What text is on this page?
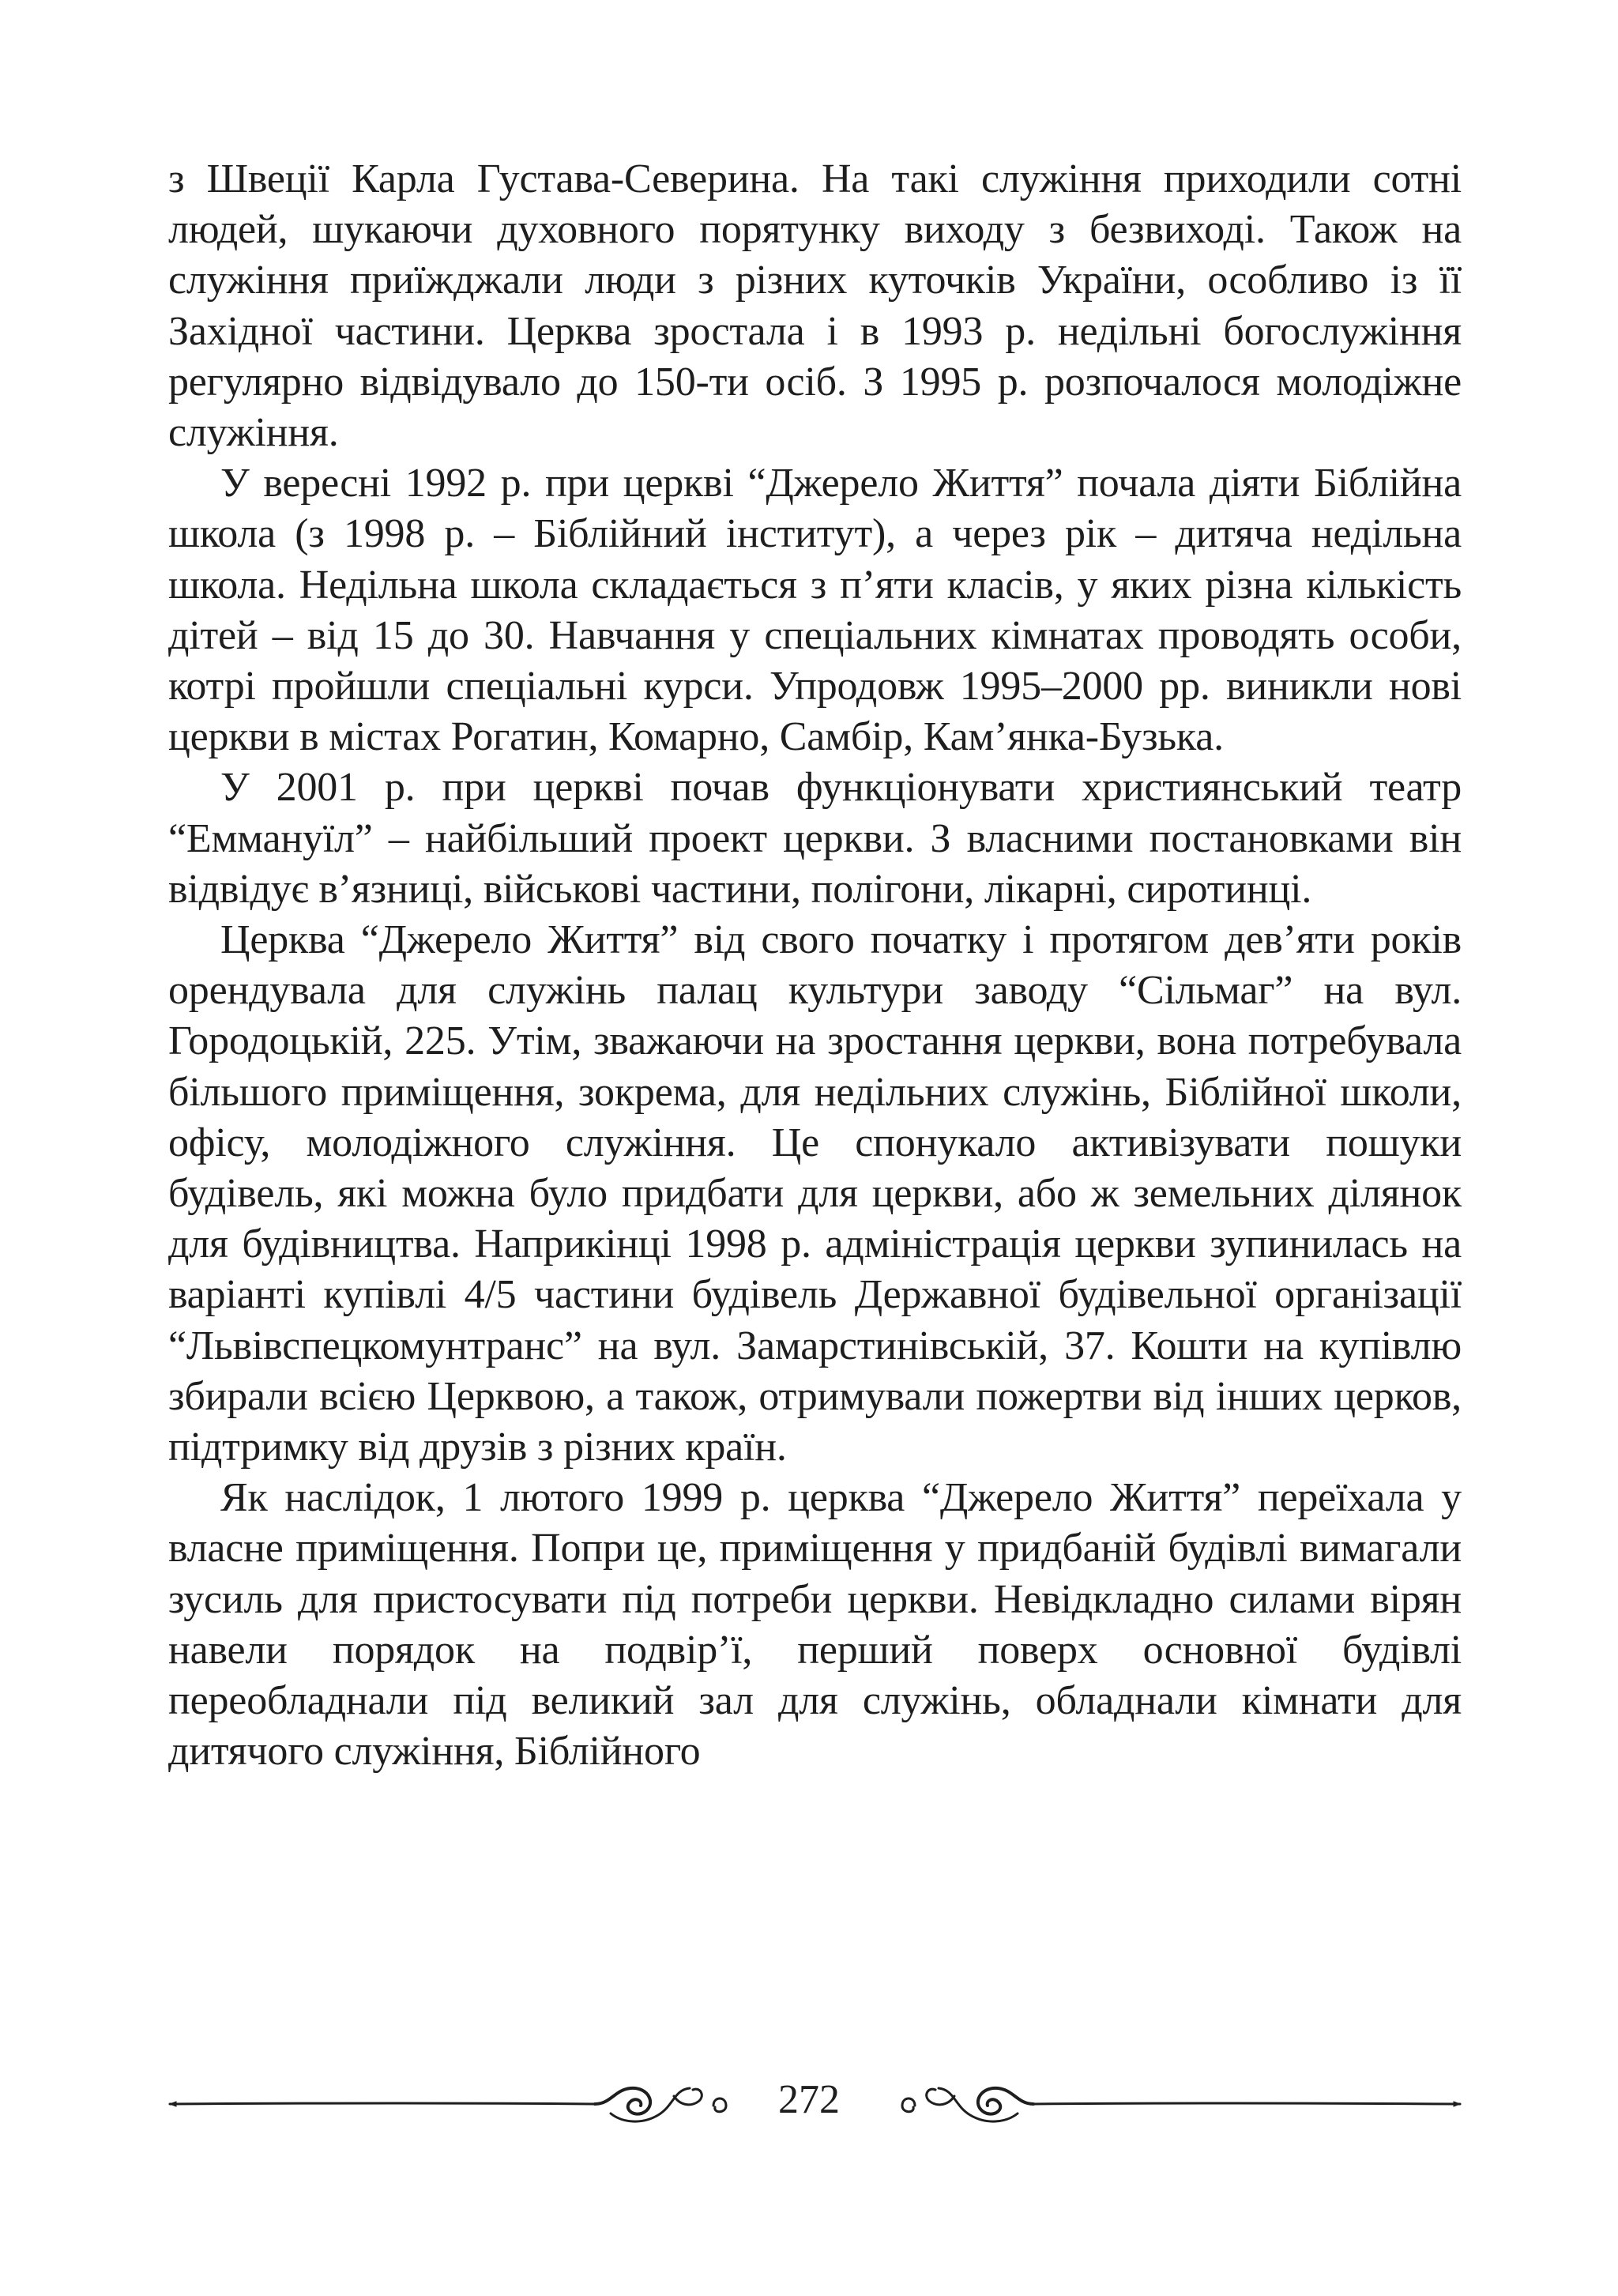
з Швеції Карла Густава-Северина. На такі служіння приходили сотні людей, шукаючи духовного порятунку виходу з безвиході. Також на служіння приїжджали люди з різних куточків України, особливо із її Західної частини. Церква зростала і в 1993 р. недільні богослужіння регулярно відвідувало до 150-ти осіб. З 1995 р. розпочалося молодіжне служіння.

У вересні 1992 р. при церкві “Джерело Життя” почала діяти Біблійна школа (з 1998 р. – Біблійний інститут), а через рік – дитяча недільна школа. Недільна школа складається з п’яти класів, у яких різна кількість дітей – від 15 до 30. Навчання у спеціальних кімнатах проводять особи, котрі пройшли спеціальні курси. Упродовж 1995–2000 рр. виникли нові церкви в містах Рогатин, Комарно, Самбір, Кам’янка-Бузька.

У 2001 р. при церкві почав функціонувати християнський театр “Еммануїл” – найбільший проект церкви. З власними постановками він відвідує в’язниці, військові частини, полігони, лікарні, сиротинці.

Церква “Джерело Життя” від свого початку і протягом дев’яти років орендувала для служінь палац культури заводу “Сільмаг” на вул. Городоцькій, 225. Утім, зважаючи на зростання церкви, вона потребувала більшого приміщення, зокрема, для недільних служінь, Біблійної школи, офісу, молодіжного служіння. Це спонукало активізувати пошуки будівель, які можна було придбати для церкви, або ж земельних ділянок для будівництва. Наприкінці 1998 р. адміністрація церкви зупинилась на варіанті купівлі 4/5 частини будівель Державної будівельної організації “Львівспецкомунтранс” на вул. Замарстинівській, 37. Кошти на купівлю збирали всією Церквою, а також, отримували пожертви від інших церков, підтримку від друзів з різних країн.

Як наслідок, 1 лютого 1999 р. церква “Джерело Життя” переїхала у власне приміщення. Попри це, приміщення у придбаній будівлі вимагали зусиль для пристосувати під потреби церкви. Невідкладно силами вірян навели порядок на подвір’ї, перший поверх основної будівлі переобладнали під великий зал для служінь, обладнали кімнати для дитячого служіння, Біблійного

272
